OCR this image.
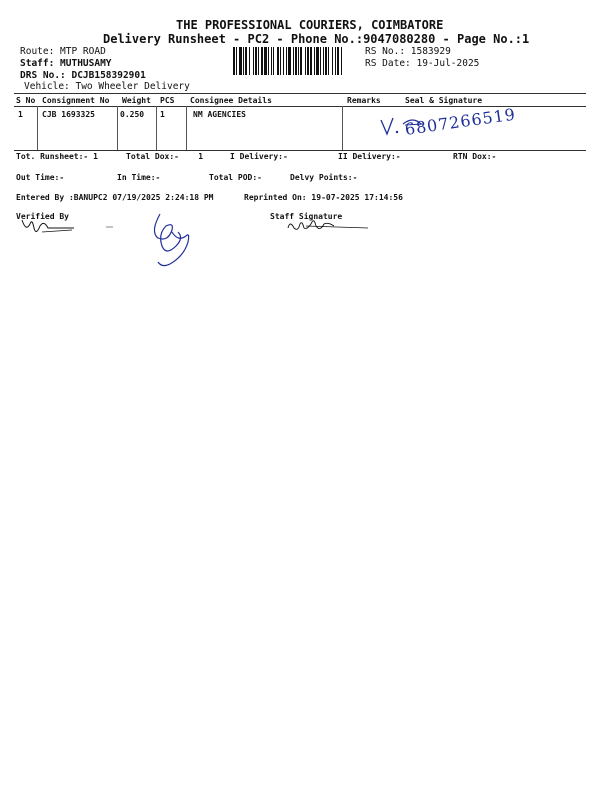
THE PROFESSIONAL COURIERS, COIMBATORE
Delivery Runsheet - PC2 - Phone No.:9047080280 - Page No.:1
Route: MTP ROAD
Staff: MUTHUSAMY
DRS No.: DCJB158392901
Vehicle: Two Wheeler Delivery
RS No.: 1583929
RS Date: 19-Jul-2025
S No Consignment No Weight PCS Consignee Details	Remarks	Seal & Signature
1 CJB 1693325	0.250 1	NM AGENCIES	6807266519
Tot. Runsheet:- 1	Total Dox:-    1	I Delivery:-	II Delivery:-	RTN Dox:-
Out Time:-	In Time:-	Total POD:-	Delvy Points:-
Entered By :BANUPC2 07/19/2025 2:24:18 PM	Reprinted On: 19-07-2025 17:14:56
Verified By	Staff Signature
